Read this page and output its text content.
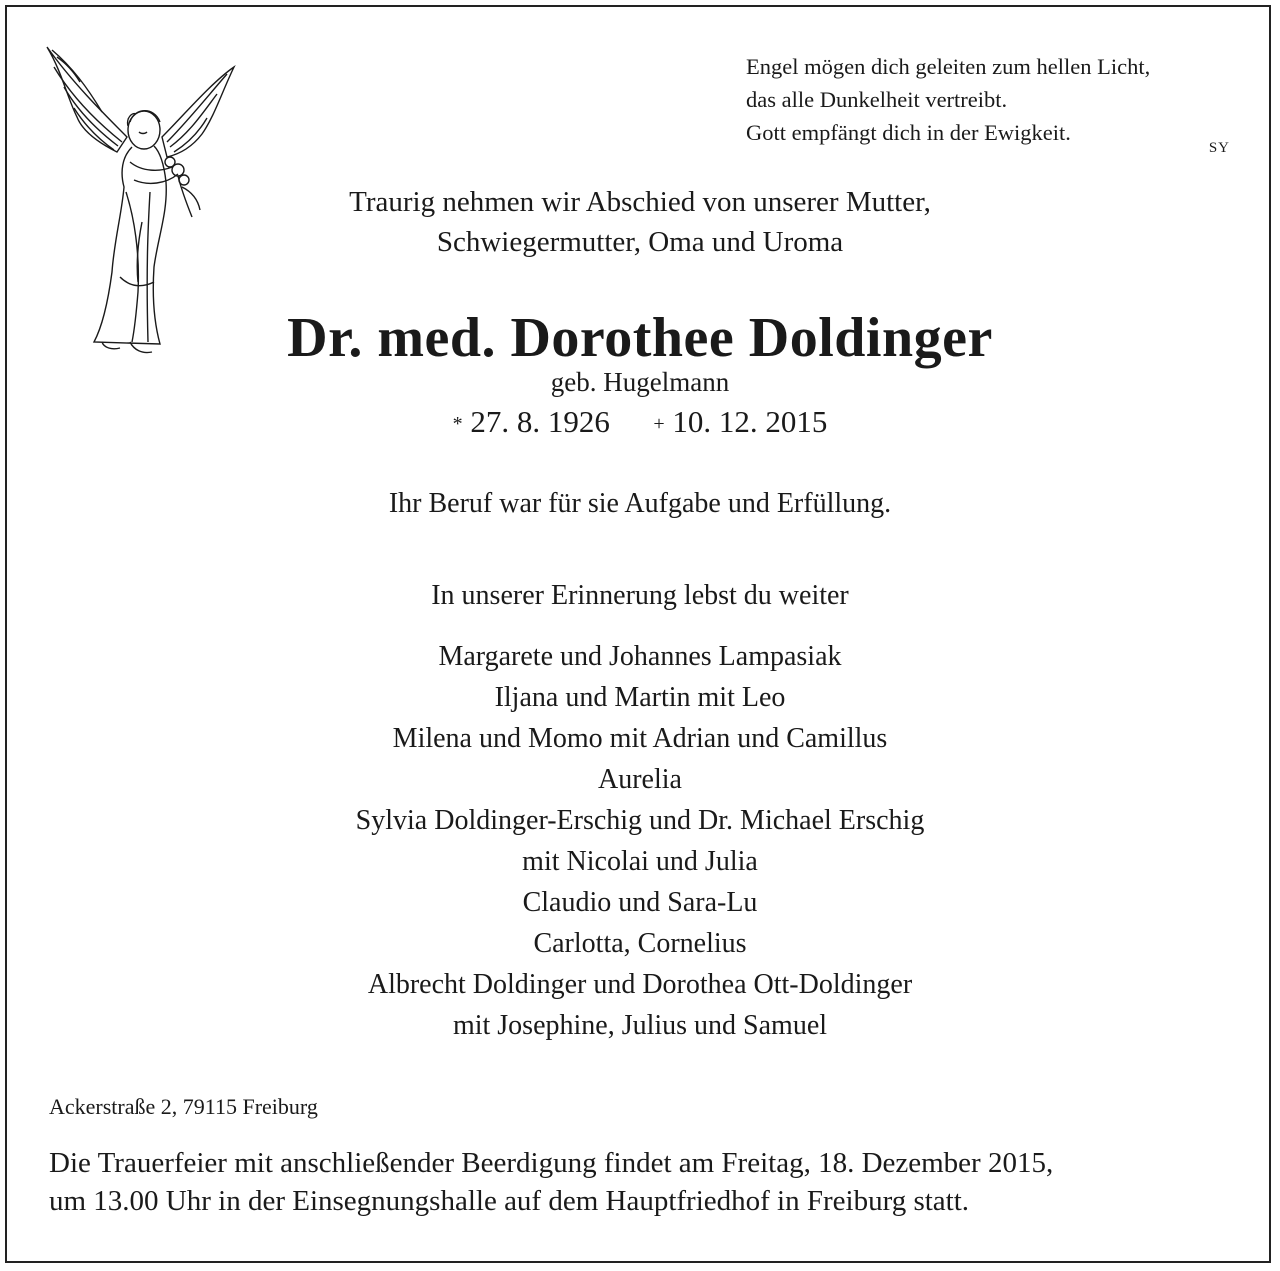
Engel mögen dich geleiten zum hellen Licht,
das alle Dunkelheit vertreibt.
Gott empfängt dich in der Ewigkeit.
SY
Traurig nehmen wir Abschied von unserer Mutter,
Schwiegermutter, Oma und Uroma
Dr. med. Dorothee Doldinger
geb. Hugelmann
* 27. 8. 1926 + 10. 12. 2015
Ihr Beruf war für sie Aufgabe und Erfüllung.
In unserer Erinnerung lebst du weiter
Margarete und Johannes Lampasiak
Iljana und Martin mit Leo
Milena und Momo mit Adrian und Camillus
Aurelia
Sylvia Doldinger-Erschig und Dr. Michael Erschig
mit Nicolai und Julia
Claudio und Sara-Lu
Carlotta, Cornelius
Albrecht Doldinger und Dorothea Ott-Doldinger
mit Josephine, Julius und Samuel
Ackerstraße 2, 79115 Freiburg
Die Trauerfeier mit anschließender Beerdigung findet am Freitag, 18. Dezember 2015,
um 13.00 Uhr in der Einsegnungshalle auf dem Hauptfriedhof in Freiburg statt.
